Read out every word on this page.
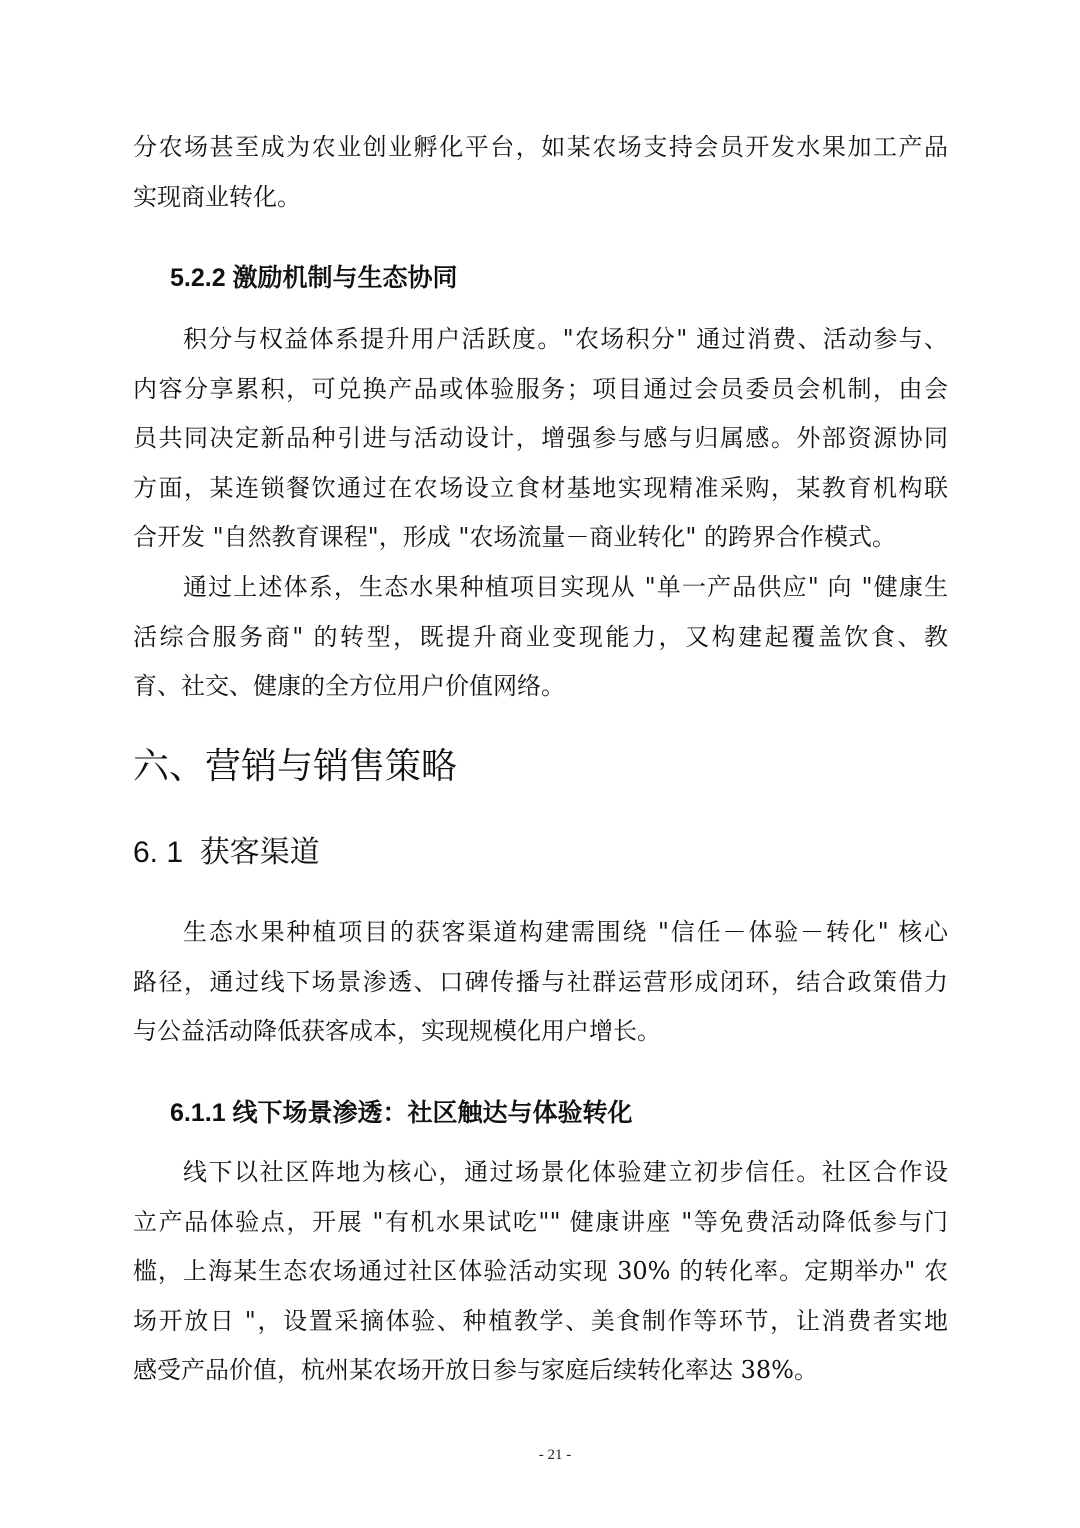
分农场甚至成为农业创业孵化平台，如某农场支持会员开发水果加工产品
实现商业转化。
5.2.2 激励机制与生态协同
积分与权益体系提升用户活跃度。"农场积分" 通过消费、活动参与、
内容分享累积，可兑换产品或体验服务；项目通过会员委员会机制，由会
员共同决定新品种引进与活动设计，增强参与感与归属感。外部资源协同
方面，某连锁餐饮通过在农场设立食材基地实现精准采购，某教育机构联
合开发 "自然教育课程"，形成 "农场流量－商业转化" 的跨界合作模式。
通过上述体系，生态水果种植项目实现从 "单一产品供应" 向 "健康生
活综合服务商" 的转型，既提升商业变现能力，又构建起覆盖饮食、教
育、社交、健康的全方位用户价值网络。
六、营销与销售策略
6. 1  获客渠道
生态水果种植项目的获客渠道构建需围绕 "信任－体验－转化" 核心
路径，通过线下场景渗透、口碑传播与社群运营形成闭环，结合政策借力
与公益活动降低获客成本，实现规模化用户增长。
6.1.1 线下场景渗透：社区触达与体验转化
线下以社区阵地为核心，通过场景化体验建立初步信任。社区合作设
立产品体验点，开展 "有机水果试吃"" 健康讲座 "等免费活动降低参与门
槛，上海某生态农场通过社区体验活动实现 30% 的转化率。定期举办" 农
场开放日 "，设置采摘体验、种植教学、美食制作等环节，让消费者实地
感受产品价值，杭州某农场开放日参与家庭后续转化率达 38%。
- 21 -
